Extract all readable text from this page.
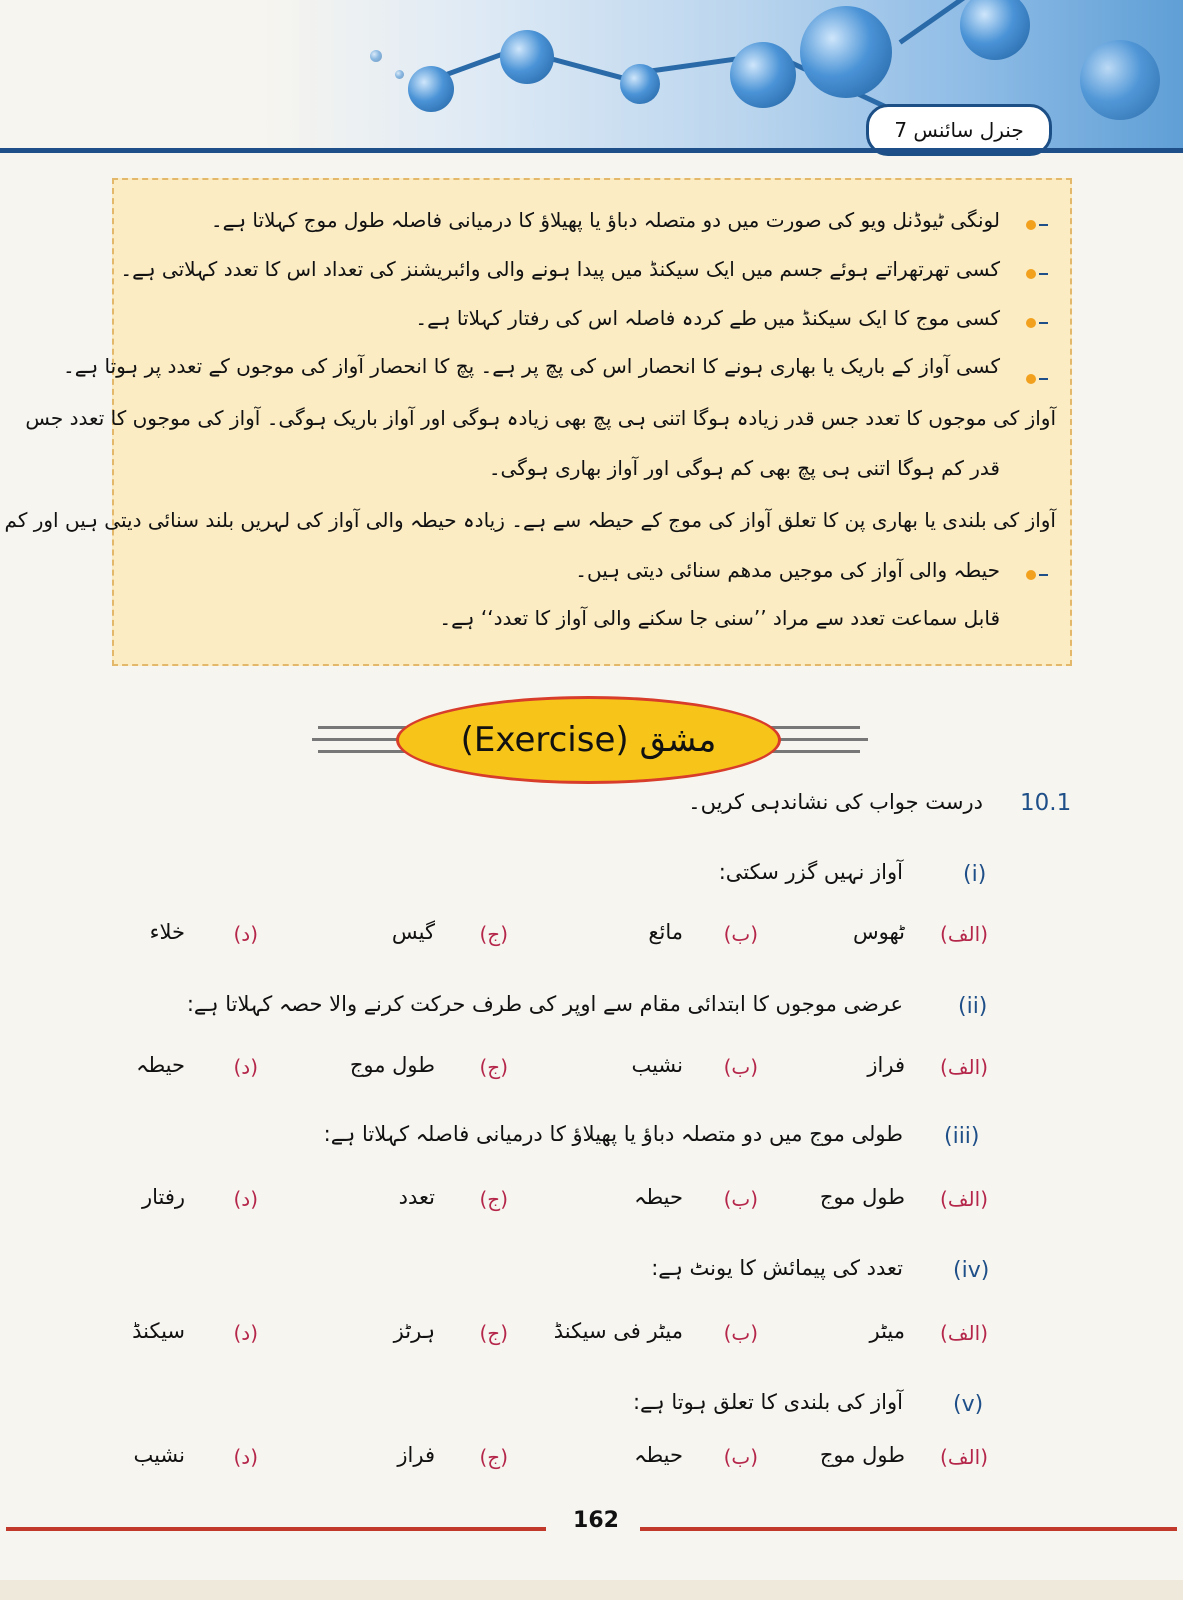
جنرل سائنس 7
لونگی ٹیوڈنل ویو کی صورت میں دو متصلہ دباؤ یا پھیلاؤ کا درمیانی فاصلہ طول موج کہلاتا ہے۔
کسی تھرتھراتے ہوئے جسم میں ایک سیکنڈ میں پیدا ہونے والی وائبریشنز کی تعداد اس کا تعدد کہلاتی ہے۔
کسی موج کا ایک سیکنڈ میں طے کردہ فاصلہ اس کی رفتار کہلاتا ہے۔
کسی آواز کے باریک یا بھاری ہونے کا انحصار اس کی پچ پر ہے۔ پچ کا انحصار آواز کی موجوں کے تعدد پر ہوتا ہے۔
آواز کی موجوں کا تعدد جس قدر زیادہ ہوگا اتنی ہی پچ بھی زیادہ ہوگی اور آواز باریک ہوگی۔ آواز کی موجوں کا تعدد جس
قدر کم ہوگا اتنی ہی پچ بھی کم ہوگی اور آواز بھاری ہوگی۔
آواز کی بلندی یا بھاری پن کا تعلق آواز کی موج کے حیطہ سے ہے۔ زیادہ حیطہ والی آواز کی لہریں بلند سنائی دیتی ہیں اور کم
حیطہ والی آواز کی موجیں مدھم سنائی دیتی ہیں۔
قابل سماعت تعدد سے مراد ’’سنی جا سکنے والی آواز کا تعدد‘‘ ہے۔
(Exercise) مشق
10.1
درست جواب کی نشاندہی کریں۔
(i)
آواز نہیں گزر سکتی:
(الف)
ٹھوس
(ب)
مائع
(ج)
گیس
(د)
خلاء
(ii)
عرضی موجوں کا ابتدائی مقام سے اوپر کی طرف حرکت کرنے والا حصہ کہلاتا ہے:
(الف)
فراز
(ب)
نشیب
(ج)
طول موج
(د)
حیطہ
(iii)
طولی موج میں دو متصلہ دباؤ یا پھیلاؤ کا درمیانی فاصلہ کہلاتا ہے:
(الف)
طول موج
(ب)
حیطہ
(ج)
تعدد
(د)
رفتار
(iv)
تعدد کی پیمائش کا یونٹ ہے:
(الف)
میٹر
(ب)
میٹر فی سیکنڈ
(ج)
ہرٹز
(د)
سیکنڈ
(v)
آواز کی بلندی کا تعلق ہوتا ہے:
(الف)
طول موج
(ب)
حیطہ
(ج)
فراز
(د)
نشیب
162
